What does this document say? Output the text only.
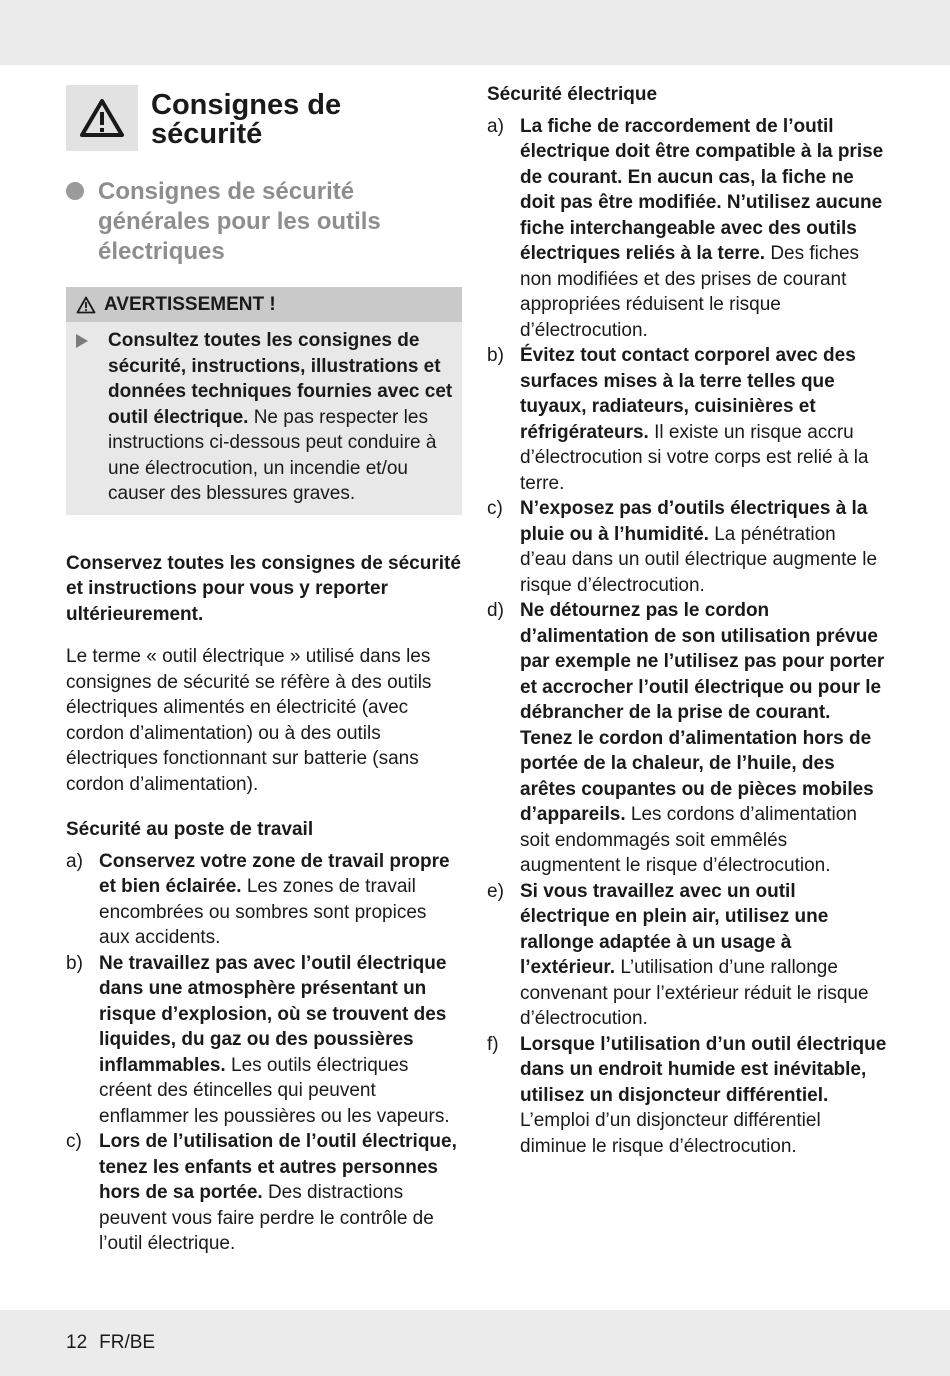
Consignes de sécurité
Consignes de sécurité générales pour les outils électriques
AVERTISSEMENT !
Consultez toutes les consignes de sécurité, instructions, illustrations et données techniques fournies avec cet outil électrique. Ne pas respecter les instructions ci-dessous peut conduire à une électrocution, un incendie et/ou causer des blessures graves.
Conservez toutes les consignes de sécurité et instructions pour vous y reporter ultérieurement.
Le terme « outil électrique » utilisé dans les consignes de sécurité se réfère à des outils électriques alimentés en électricité (avec cordon d’alimentation) ou à des outils électriques fonctionnant sur batterie (sans cordon d’alimentation).
Sécurité au poste de travail
a) Conservez votre zone de travail propre et bien éclairée. Les zones de travail encombrées ou sombres sont propices aux accidents.
b) Ne travaillez pas avec l’outil électrique dans une atmosphère présentant un risque d’explosion, où se trouvent des liquides, du gaz ou des poussières inflammables. Les outils électriques créent des étincelles qui peuvent enflammer les poussières ou les vapeurs.
c) Lors de l’utilisation de l’outil électrique, tenez les enfants et autres personnes hors de sa portée. Des distractions peuvent vous faire perdre le contrôle de l’outil électrique.
Sécurité électrique
a) La fiche de raccordement de l’outil électrique doit être compatible à la prise de courant. En aucun cas, la fiche ne doit pas être modifiée. N’utilisez aucune fiche interchangeable avec des outils électriques reliés à la terre. Des fiches non modifiées et des prises de courant appropriées réduisent le risque d’électrocution.
b) Évitez tout contact corporel avec des surfaces mises à la terre telles que tuyaux, radiateurs, cuisinières et réfrigérateurs. Il existe un risque accru d’électrocution si votre corps est relié à la terre.
c) N’exposez pas d’outils électriques à la pluie ou à l’humidité. La pénétration d’eau dans un outil électrique augmente le risque d’électrocution.
d) Ne détournez pas le cordon d’alimentation de son utilisation prévue par exemple ne l’utilisez pas pour porter et accrocher l’outil électrique ou pour le débrancher de la prise de courant. Tenez le cordon d’alimentation hors de portée de la chaleur, de l’huile, des arêtes coupantes ou de pièces mobiles d’appareils. Les cordons d’alimentation soit endommagés soit emmêlés augmentent le risque d’électrocution.
e) Si vous travaillez avec un outil électrique en plein air, utilisez une rallonge adaptée à un usage à l’extérieur. L’utilisation d’une rallonge convenant pour l’extérieur réduit le risque d’électrocution.
f)	Lorsque l’utilisation d’un outil électrique dans un endroit humide est inévitable, utilisez un disjoncteur différentiel. L’emploi d’un disjoncteur différentiel diminue le risque d’électrocution.
12 FR/BE
